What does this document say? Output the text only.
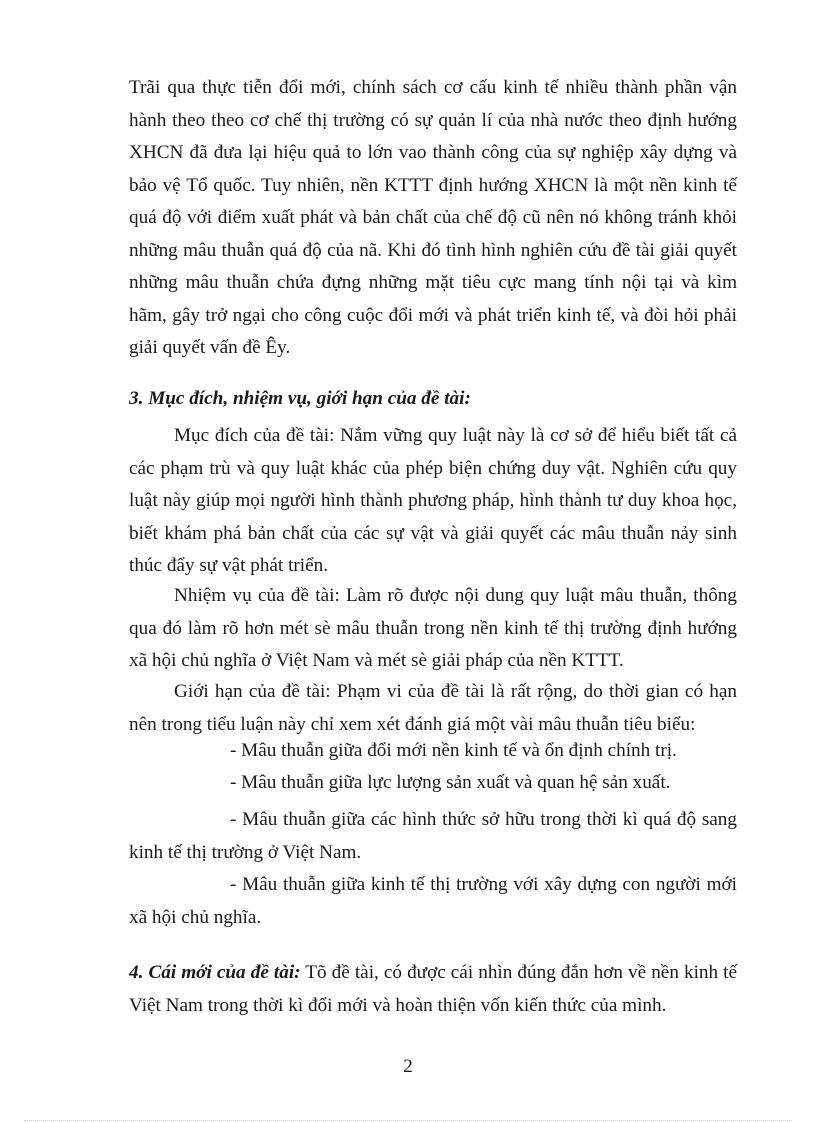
Trãi qua thực tiễn đổi mới, chính sách cơ cấu kinh tế nhiều thành phần vận hành theo theo cơ chế thị trường có sự quản lí của nhà nước theo định hướng XHCN đã đưa lại hiệu quả to lớn vao thành công của sự nghiệp xây dựng và bảo vệ Tổ quốc. Tuy nhiên, nền KTTT định hướng XHCN là một nền kinh tế quá độ với điểm xuất phát và bản chất của chế độ cũ nên nó không tránh khỏi những mâu thuẫn quá độ của nã. Khi đó tình hình nghiên cứu đề tài giải quyết những mâu thuẫn chứa đựng những mặt tiêu cực mang tính nội tại và kìm hãm, gây trở ngại cho công cuộc đổi mới và phát triển kinh tế, và đòi hỏi phải giải quyết vấn đề Êy.
3. Mục đích, nhiệm vụ, giới hạn của đề tài:
Mục đích của đề tài: Nắm vững quy luật này là cơ sở để hiểu biết tất cả các phạm trù và quy luật khác của phép biện chứng duy vật. Nghiên cứu quy luật này giúp mọi người hình thành phương pháp, hình thành tư duy khoa học, biết khám phá bản chất của các sự vật và giải quyết các mâu thuẫn nảy sinh thúc đẩy sự vật phát triển.
Nhiệm vụ của đề tài: Làm rõ được nội dung quy luật mâu thuẫn, thông qua đó làm rõ hơn mét sè mâu thuẫn trong nền kinh tế thị trường định hướng xã hội chủ nghĩa ở Việt Nam và mét sè giải pháp của nền KTTT.
Giới hạn của đề tài: Phạm vi của đề tài là rất rộng, do thời gian có hạn nên trong tiểu luận này chỉ xem xét đánh giá một vài mâu thuẫn tiêu biểu:
- Mâu thuẫn giữa đổi mới nền kinh tế và ổn định chính trị.
- Mâu thuẫn giữa lực lượng sản xuất và quan hệ sản xuất.
- Mâu thuẫn giữa các hình thức sở hữu trong thời kì quá độ sang kinh tế thị trường ở Việt Nam.
- Mâu thuẫn giữa kinh tế thị trường với xây dựng con người mới xã hội chủ nghĩa.
4. Cái mới của đề tài: Tõ đề tài, có được cái nhìn đúng đắn hơn về nền kinh tế Việt Nam trong thời kì đổi mới và hoàn thiện vốn kiến thức của mình.
2
